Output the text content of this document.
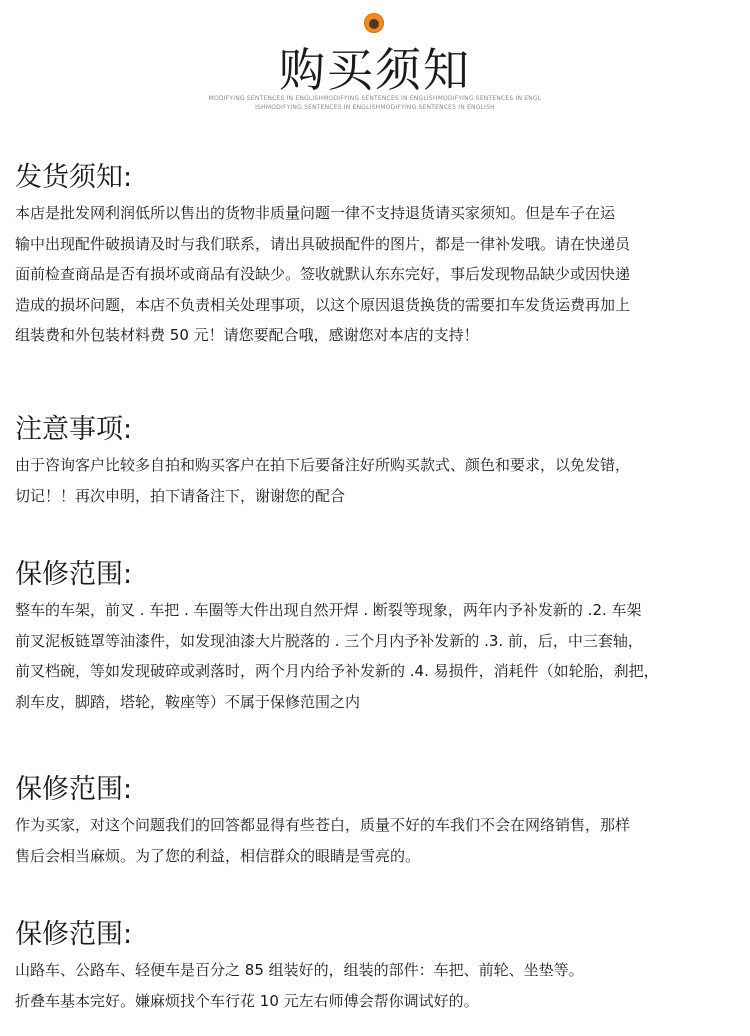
购买须知
MODIFYING SENTENCES IN ENGLISHMODIFYING SENTENCES IN ENGLISHMODIFYING SENTENCES IN ENGL
ISHMODIFYING SENTENCES IN ENGLISHMODIFYING SENTENCES IN ENGLISH
发货须知:

本店是批发网利润低所以售出的货物非质量问题一律不支持退货请买家须知。但是车子在运

输中出现配件破损请及时与我们联系，请出具破损配件的图片，都是一律补发哦。请在快递员

面前检查商品是否有损坏或商品有没缺少。签收就默认东东完好，事后发现物品缺少或因快递

造成的损坏问题，本店不负责相关处理事项，以这个原因退货换货的需要扣车发货运费再加上

组装费和外包装材料费 50 元！请您要配合哦，感谢您对本店的支持！

注意事项:

由于咨询客户比较多自拍和购买客户在拍下后要备注好所购买款式、颜色和要求，以免发错，

切记！！再次申明，拍下请备注下，谢谢您的配合

保修范围:

整车的车架，前叉 . 车把 . 车圈等大件出现自然开焊 . 断裂等现象，两年内予补发新的 .2. 车架

前叉泥板链罩等油漆件，如发现油漆大片脱落的 . 三个月内予补发新的 .3. 前，后，中三套轴，

前叉档碗，等如发现破碎或剥落时，两个月内给予补发新的 .4. 易损件，消耗件（如轮胎，刹把，

刹车皮，脚踏，塔轮，鞍座等）不属于保修范围之内

保修范围:

作为买家，对这个问题我们的回答都显得有些苍白，质量不好的车我们不会在网络销售，那样

售后会相当麻烦。为了您的利益，相信群众的眼睛是雪亮的。

保修范围:

山路车、公路车、轻便车是百分之 85 组装好的，组装的部件：车把、前轮、坐垫等。

折叠车基本完好。嫌麻烦找个车行花 10 元左右师傅会帮你调试好的。
